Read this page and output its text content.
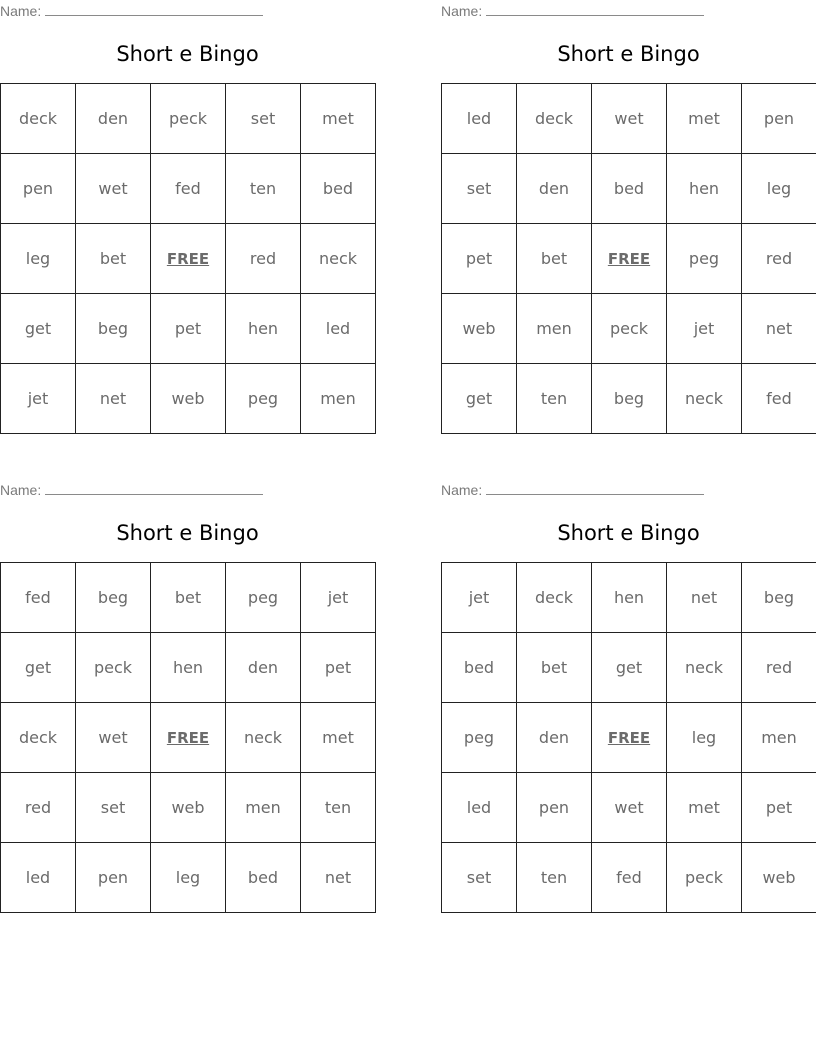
Name:
Short e Bingo
deck	den	peck	set	met
pen	wet	fed	ten	bed
leg	bet	FREE	red	neck
get	beg	pet	hen	led
jet	net	web	peg	men
Name:
Short e Bingo
led	deck	wet	met	pen
set	den	bed	hen	leg
pet	bet	FREE	peg	red
web	men	peck	jet	net
get	ten	beg	neck	fed
Name:
Short e Bingo
fed	beg	bet	peg	jet
get	peck	hen	den	pet
deck	wet	FREE	neck	met
red	set	web	men	ten
led	pen	leg	bed	net
Name:
Short e Bingo
jet	deck	hen	net	beg
bed	bet	get	neck	red
peg	den	FREE	leg	men
led	pen	wet	met	pet
set	ten	fed	peck	web
